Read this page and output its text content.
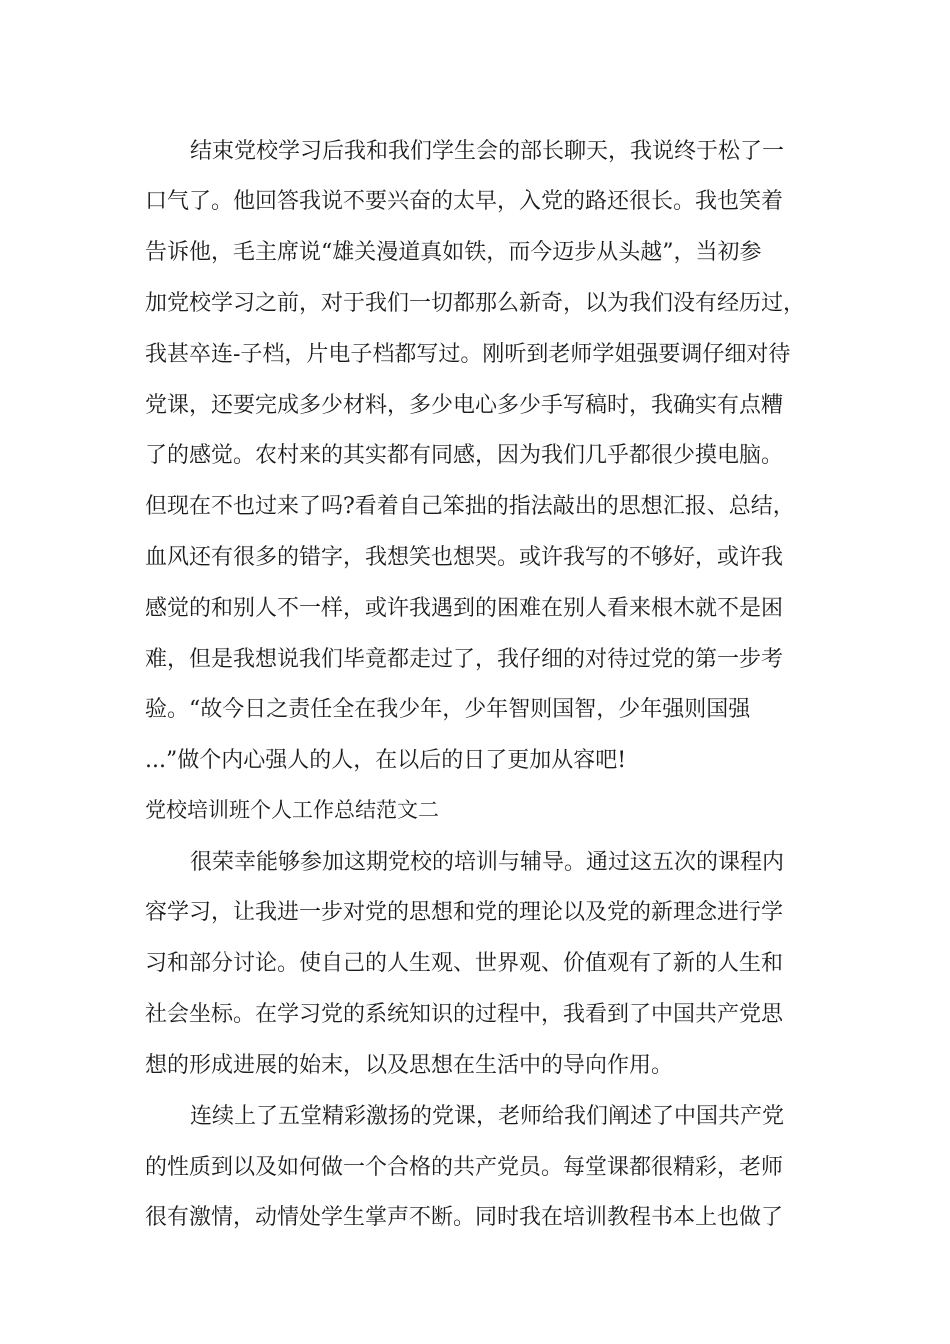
结束党校学习后我和我们学生会的部长聊天，我说终于松了一
口气了。他回答我说不要兴奋的太早，入党的路还很长。我也笑着
告诉他，毛主席说“雄关漫道真如铁，而今迈步从头越”，当初参
加党校学习之前，对于我们一切都那么新奇，以为我们没有经历过，
我甚卒连-子档，片电子档都写过。刚听到老师学姐强要调仔细对待
党课，还要完成多少材料，多少电心多少手写稿时，我确实有点糟
了的感觉。农村来的其实都有同感，因为我们几乎都很少摸电脑。
但现在不也过来了吗?看着自己笨拙的指法敲出的思想汇报、总结，
血风还有很多的错字，我想笑也想哭。或许我写的不够好，或许我
感觉的和别人不一样，或许我遇到的困难在别人看来根木就不是困
难，但是我想说我们毕竟都走过了，我仔细的对待过党的第一步考
验。“故今日之责任全在我少年，少年智则国智，少年强则国强
...”做个内心强人的人，在以后的日了更加从容吧!
党校培训班个人工作总结范文二
很荣幸能够参加这期党校的培训与辅导。通过这五次的课程内
容学习，让我进一步对党的思想和党的理论以及党的新理念进行学
习和部分讨论。使自己的人生观、世界观、价值观有了新的人生和
社会坐标。在学习党的系统知识的过程中，我看到了中国共产党思
想的形成进展的始末，以及思想在生活中的导向作用。
连续上了五堂精彩激扬的党课，老师给我们阐述了中国共产党
的性质到以及如何做一个合格的共产党员。每堂课都很精彩，老师
很有激情，动情处学生掌声不断。同时我在培训教程书本上也做了
